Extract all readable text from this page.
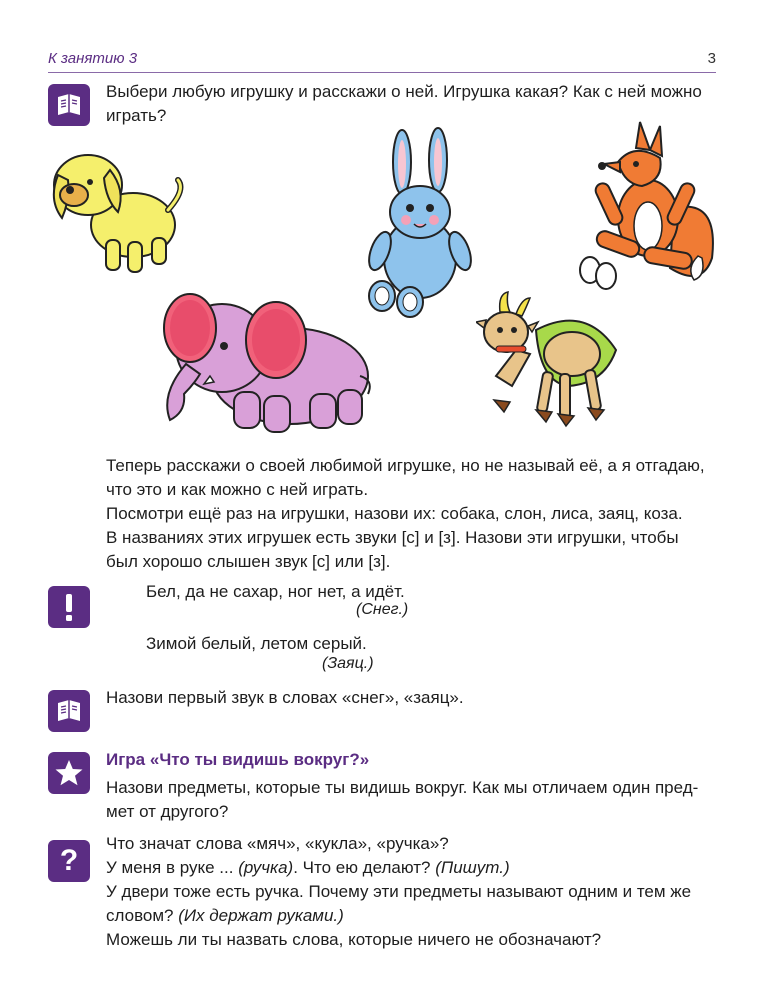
К занятию 3	3
Выбери любую игрушку и расскажи о ней. Игрушка какая? Как с ней можно играть?

Теперь расскажи о своей любимой игрушке, но не называй её, а я отгадаю,

что это и как можно с ней играть.

Посмотри ещё раз на игрушки, назови их: собака, слон, лиса, заяц, коза.

В названиях этих игрушек есть звуки [с] и [з]. Назови эти игрушки, чтобы

был хорошо слышен звук [с] или [з].

Бел, да не сахар, ног нет, а идёт.
(Снег.)
Зимой белый, летом серый.
(Заяц.)
Назови первый звук в словах «снег», «заяц».
Игра «Что ты видишь вокруг?»

Назови предметы, которые ты видишь вокруг. Как мы отличаем один пред-

мет от другого?

?

Что значат слова «мяч», «кукла», «ручка»?

У меня в руке ... (ручка). Что ею делают? (Пишут.)

У двери тоже есть ручка. Почему эти предметы называют одним и тем же

словом? (Их держат руками.)

Можешь ли ты назвать слова, которые ничего не обозначают?
